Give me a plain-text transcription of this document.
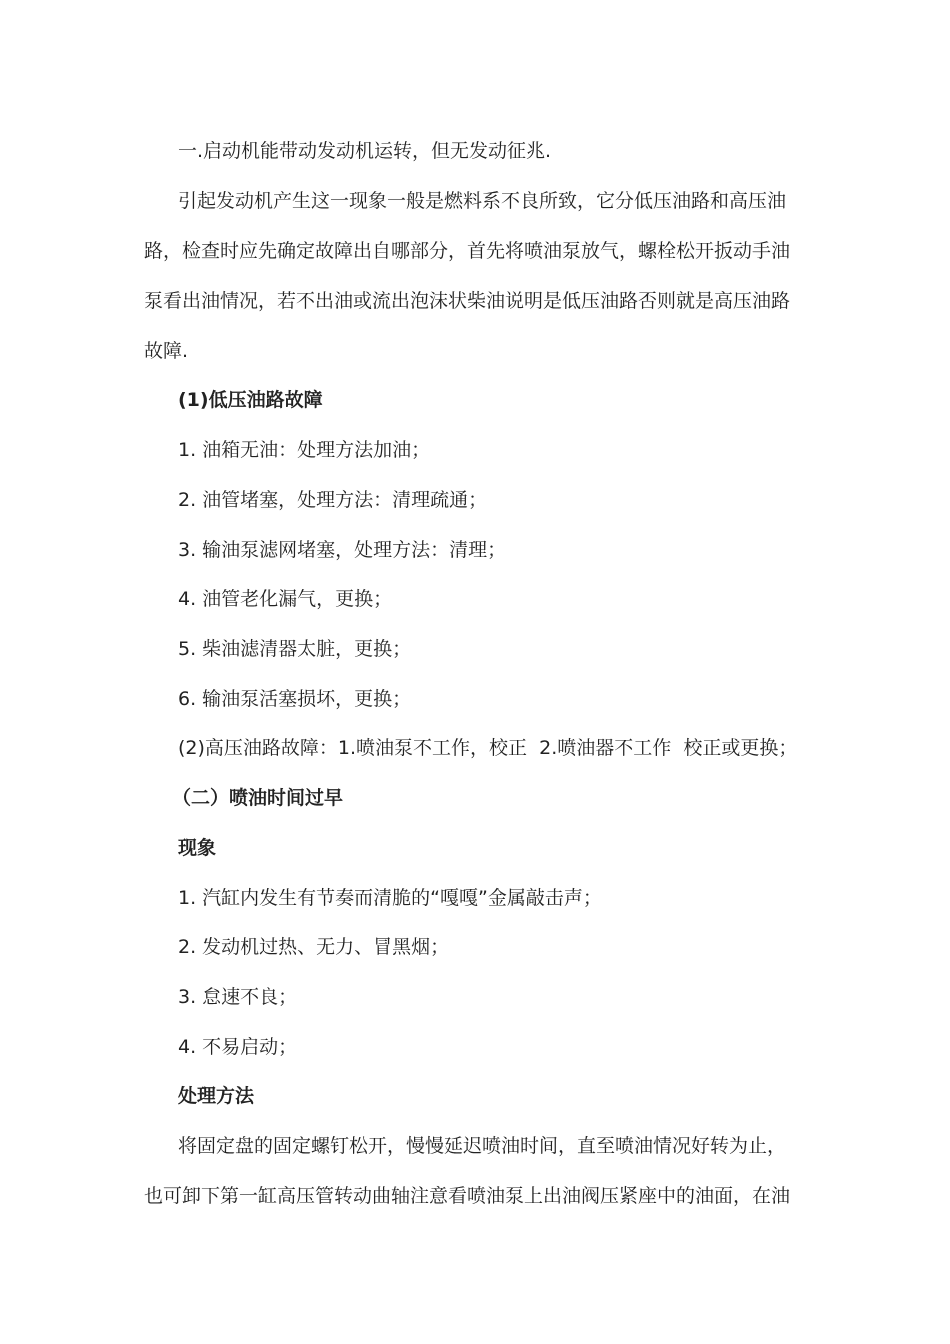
一.启动机能带动发动机运转，但无发动征兆.
引起发动机产生这一现象一般是燃料系不良所致，它分低压油路和高压油
路，检查时应先确定故障出自哪部分，首先将喷油泵放气，螺栓松开扳动手油
泵看出油情况，若不出油或流出泡沫状柴油说明是低压油路否则就是高压油路
故障.
(1)低压油路故障
1. 油箱无油：处理方法加油；
2. 油管堵塞，处理方法：清理疏通；
3. 输油泵滤网堵塞，处理方法：清理；
4. 油管老化漏气，更换；
5. 柴油滤清器太脏，更换；
6. 输油泵活塞损坏，更换；
(2)高压油路故障：1.喷油泵不工作，校正  2.喷油器不工作  校正或更换；
（二）喷油时间过早
现象
1. 汽缸内发生有节奏而清脆的“嘎嘎”金属敲击声；
2. 发动机过热、无力、冒黑烟；
3. 怠速不良；
4. 不易启动；
处理方法
将固定盘的固定螺钉松开，慢慢延迟喷油时间，直至喷油情况好转为止，
也可卸下第一缸高压管转动曲轴注意看喷油泵上出油阀压紧座中的油面，在油
